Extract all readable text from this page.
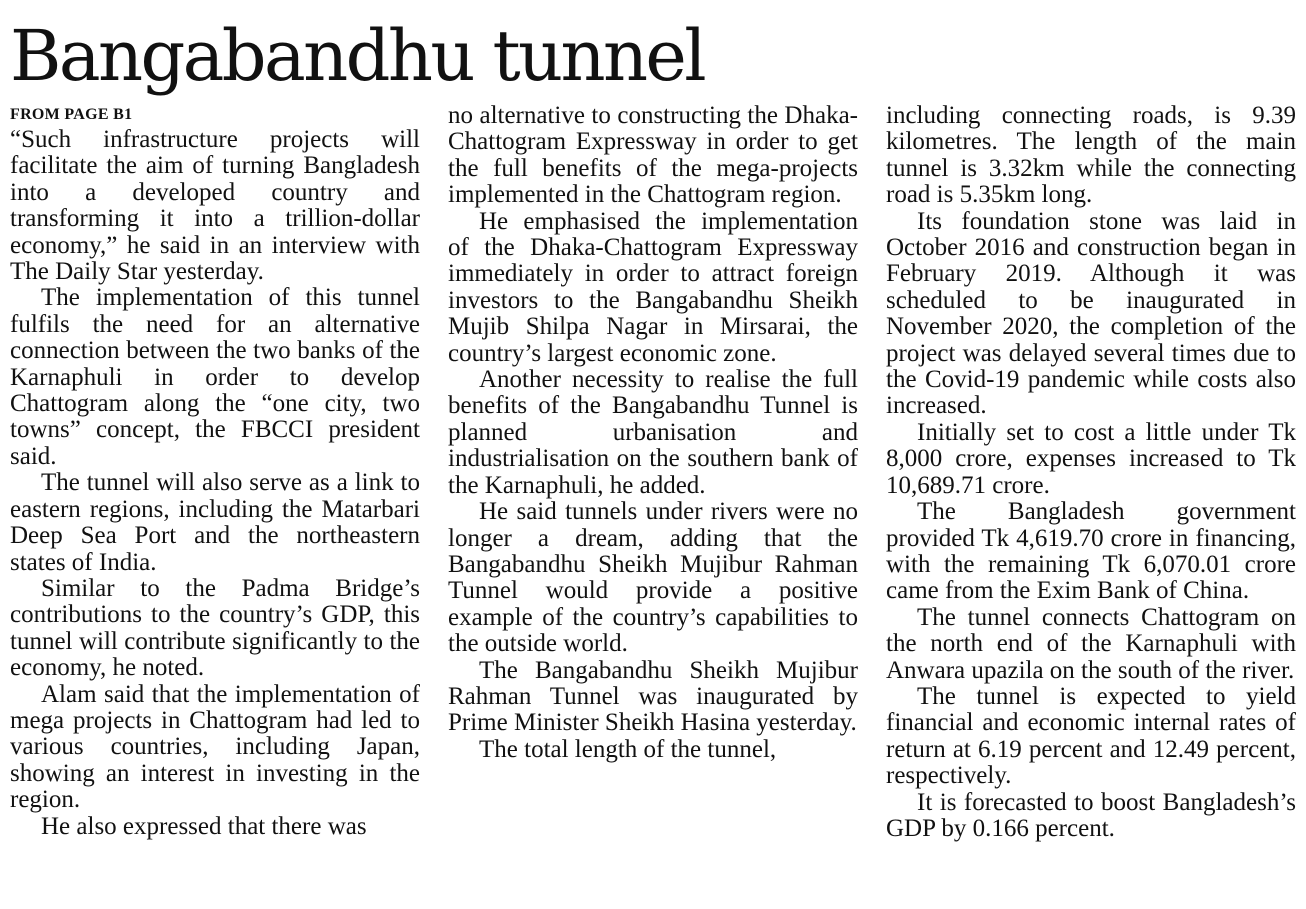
Bangabandhu tunnel
FROM PAGE B1

“Such infrastructure projects will facilitate the aim of turning Bangladesh into a developed country and transforming it into a trillion-dollar economy,” he said in an interview with The Daily Star yesterday.

The implementation of this tunnel fulfils the need for an alternative connection between the two banks of the Karnaphuli in order to develop Chattogram along the “one city, two towns” concept, the FBCCI president said.

The tunnel will also serve as a link to eastern regions, including the Matarbari Deep Sea Port and the northeastern states of India.

Similar to the Padma Bridge’s contributions to the country’s GDP, this tunnel will contribute significantly to the economy, he noted.

Alam said that the implementation of mega projects in Chattogram had led to various countries, including Japan, showing an interest in investing in the region.

He also expressed that there was

no alternative to constructing the Dhaka-Chattogram Expressway in order to get the full benefits of the mega-projects implemented in the Chattogram region.

He emphasised the implementation of the Dhaka-Chattogram Expressway immediately in order to attract foreign investors to the Bangabandhu Sheikh Mujib Shilpa Nagar in Mirsarai, the country’s largest economic zone.

Another necessity to realise the full benefits of the Bangabandhu Tunnel is planned urbanisation and industrialisation on the southern bank of the Karnaphuli, he added.

He said tunnels under rivers were no longer a dream, adding that the Bangabandhu Sheikh Mujibur Rahman Tunnel would provide a positive example of the country’s capabilities to the outside world.

The Bangabandhu Sheikh Mujibur Rahman Tunnel was inaugurated by Prime Minister Sheikh Hasina yesterday.

The total length of the tunnel,

including connecting roads, is 9.39 kilometres. The length of the main tunnel is 3.32km while the connecting road is 5.35km long.

Its foundation stone was laid in October 2016 and construction began in February 2019. Although it was scheduled to be inaugurated in November 2020, the completion of the project was delayed several times due to the Covid-19 pandemic while costs also increased.

Initially set to cost a little under Tk 8,000 crore, expenses increased to Tk 10,689.71 crore.

The Bangladesh government provided Tk 4,619.70 crore in financing, with the remaining Tk 6,070.01 crore came from the Exim Bank of China.

The tunnel connects Chattogram on the north end of the Karnaphuli with Anwara upazila on the south of the river.

The tunnel is expected to yield financial and economic internal rates of return at 6.19 percent and 12.49 percent, respectively.

It is forecasted to boost Bangladesh’s GDP by 0.166 percent.
